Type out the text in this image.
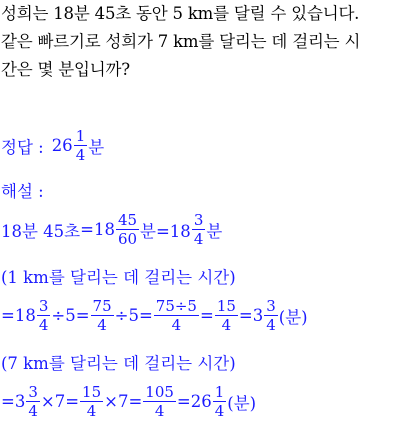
성희는 18분 45초 동안 5 km를 달릴 수 있습니다.
같은 빠르기로 성희가 7 km를 달리는 데 걸리는 시
간은 몇 분입니까?
정답 : $26 \frac{1}{4}$ 분
해설 :
18분 45초 $=18 \frac{45}{60}$ 분$=18 \frac{3}{4}$ 분
(1 km를 달리는 데 걸리는 시간)
$=18 \frac{3}{4} \div 5= \frac{75}{4} \div 5= \frac{75\div 5}{4} = \frac{15}{4} =3 \frac{3}{4}$ (분)
(7 km를 달리는 데 걸리는 시간)
$=3 \frac{3}{4} \times 7= \frac{15}{4} \times 7= \frac{105}{4} =26 \frac{1}{4}$ (분)
